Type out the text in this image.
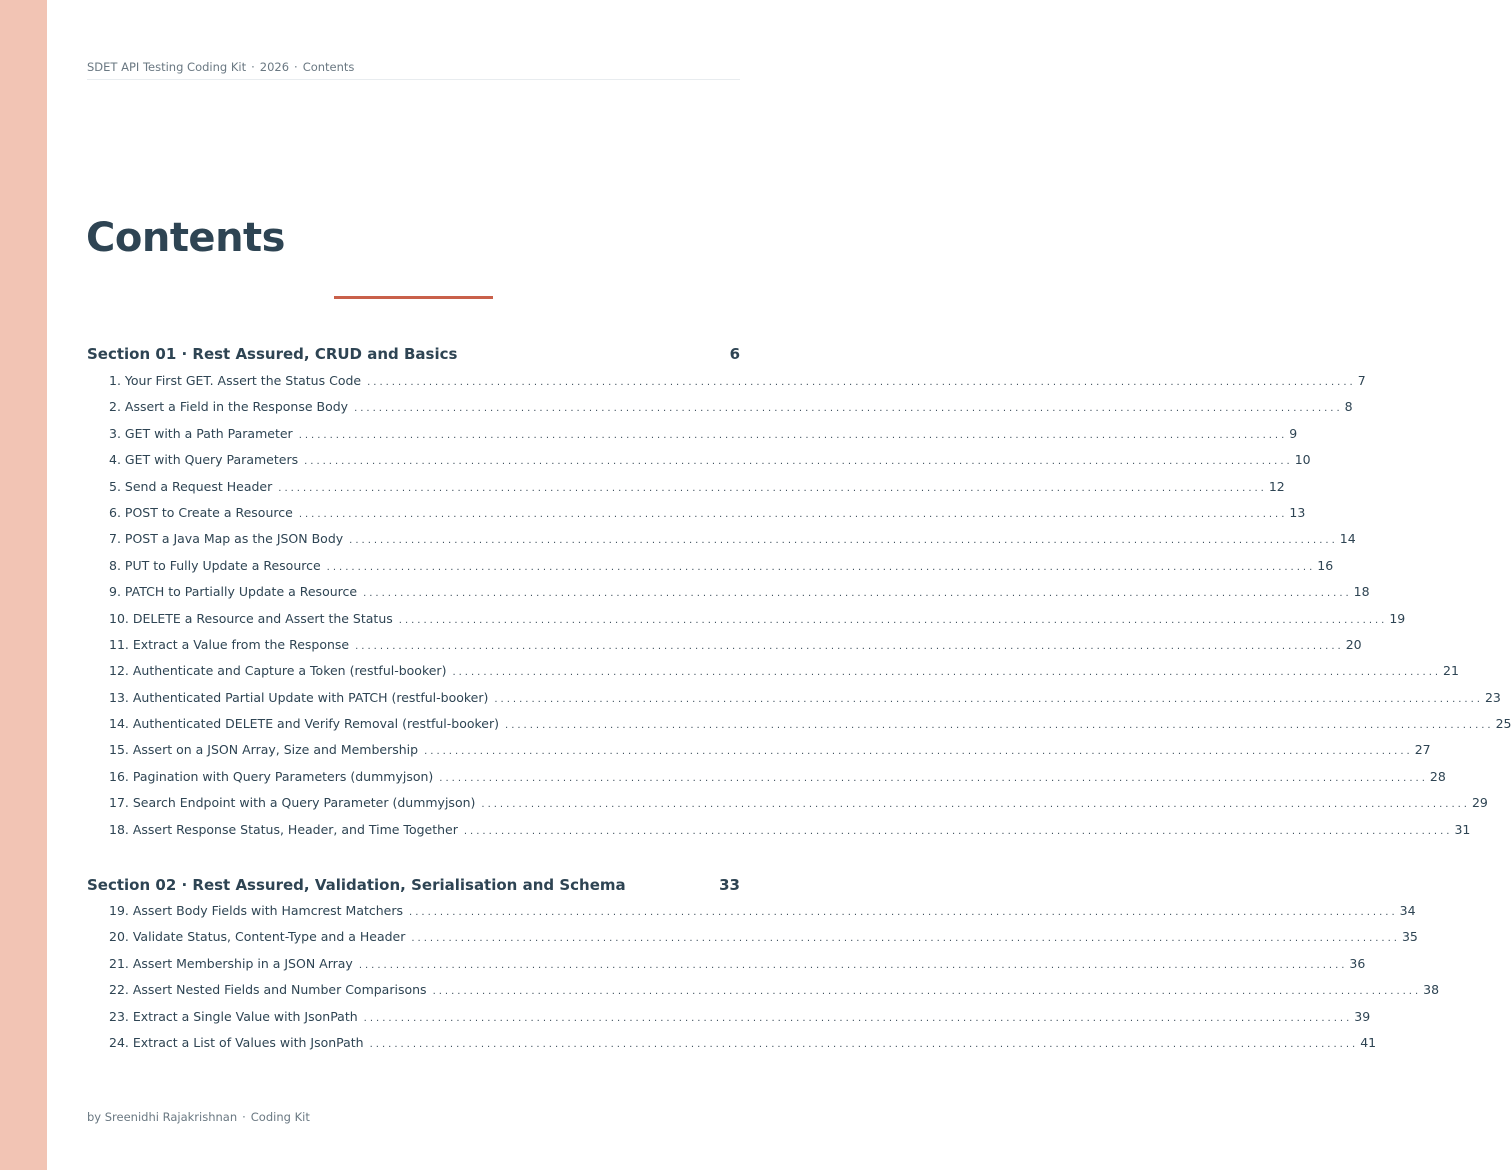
SDET API Testing Coding Kit · 2026 · Contents
Contents
Section 01 · Rest Assured, CRUD and Basics	6
1. Your First GET. Assert the Status Code ................................................................................................................................................................ 7
2. Assert a Field in the Response Body ................................................................................................................................................................ 8
3. GET with a Path Parameter ................................................................................................................................................................ 9
4. GET with Query Parameters ................................................................................................................................................................ 10
5. Send a Request Header ................................................................................................................................................................ 12
6. POST to Create a Resource ................................................................................................................................................................ 13
7. POST a Java Map as the JSON Body ................................................................................................................................................................ 14
8. PUT to Fully Update a Resource ................................................................................................................................................................ 16
9. PATCH to Partially Update a Resource ................................................................................................................................................................ 18
10. DELETE a Resource and Assert the Status ................................................................................................................................................................ 19
11. Extract a Value from the Response ................................................................................................................................................................ 20
12. Authenticate and Capture a Token (restful-booker) ................................................................................................................................................................ 21
13. Authenticated Partial Update with PATCH (restful-booker) ................................................................................................................................................................ 23
14. Authenticated DELETE and Verify Removal (restful-booker) ................................................................................................................................................................ 25
15. Assert on a JSON Array, Size and Membership ................................................................................................................................................................ 27
16. Pagination with Query Parameters (dummyjson) ................................................................................................................................................................ 28
17. Search Endpoint with a Query Parameter (dummyjson) ................................................................................................................................................................ 29
18. Assert Response Status, Header, and Time Together ................................................................................................................................................................ 31
Section 02 · Rest Assured, Validation, Serialisation and Schema	33
19. Assert Body Fields with Hamcrest Matchers ................................................................................................................................................................ 34
20. Validate Status, Content-Type and a Header ................................................................................................................................................................ 35
21. Assert Membership in a JSON Array ................................................................................................................................................................ 36
22. Assert Nested Fields and Number Comparisons ................................................................................................................................................................ 38
23. Extract a Single Value with JsonPath ................................................................................................................................................................ 39
24. Extract a List of Values with JsonPath ................................................................................................................................................................ 41
by Sreenidhi Rajakrishnan · Coding Kit
